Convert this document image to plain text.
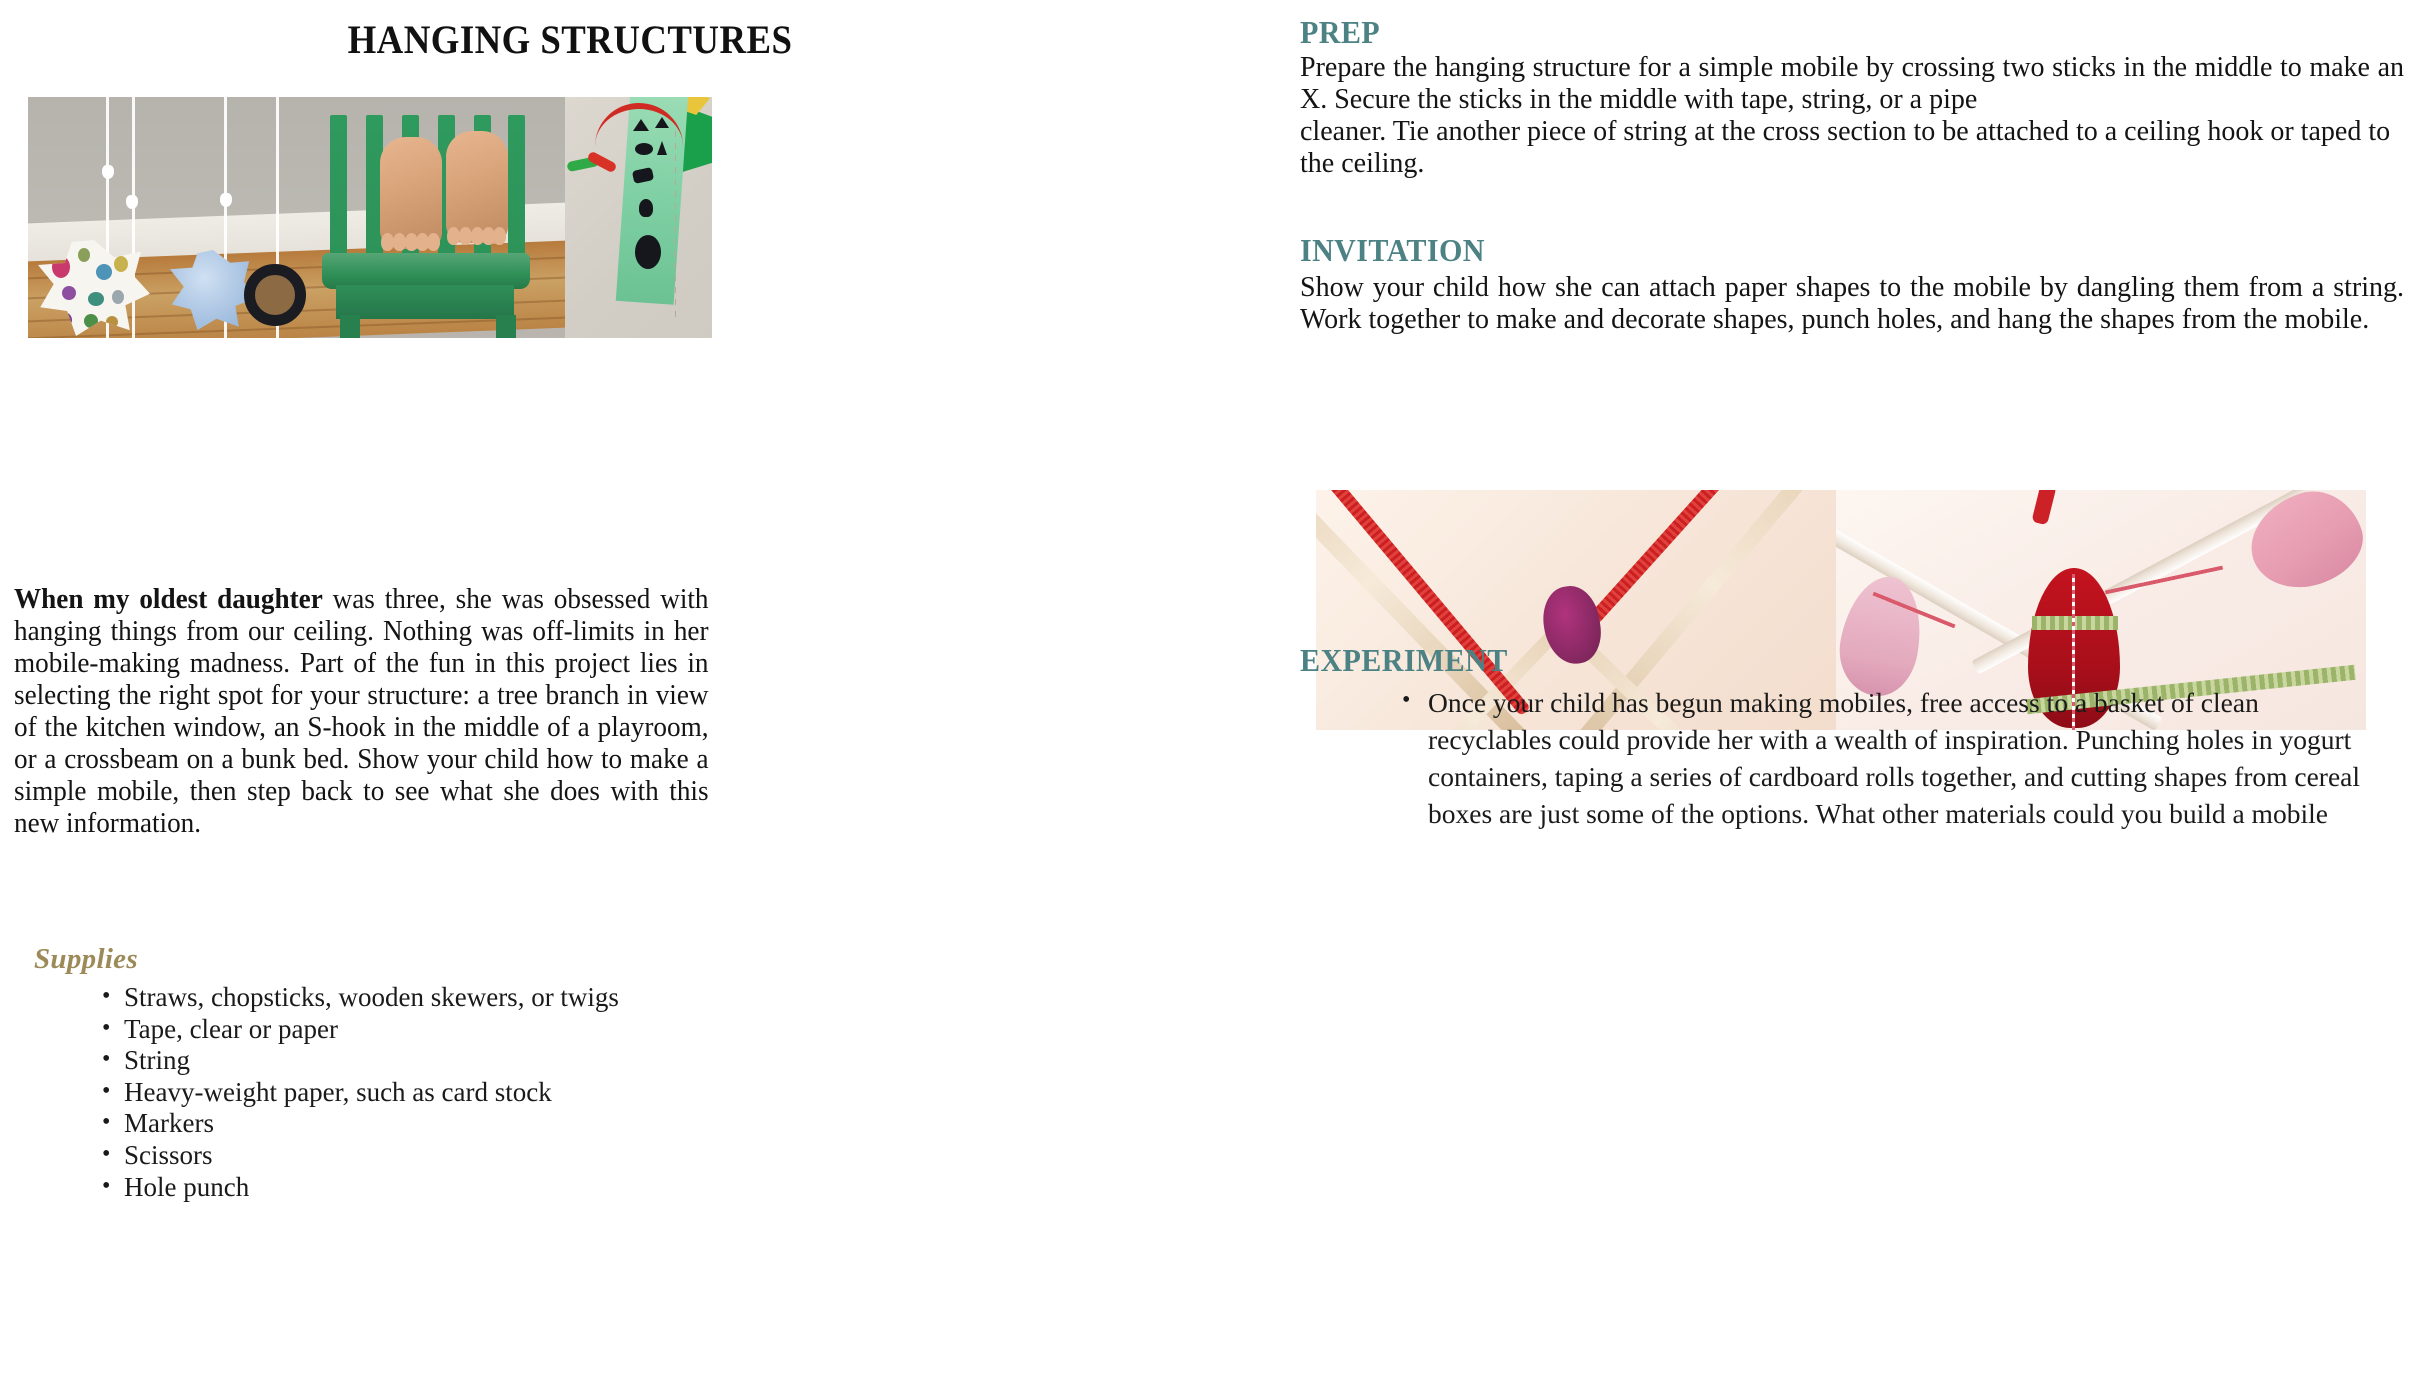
HANGING STRUCTURES

When my oldest daughter was three, she was obsessed with hanging things from our ceiling. Nothing was off-limits in her mobile-making madness. Part of the fun in this project lies in selecting the right spot for your structure: a tree branch in view of the kitchen window, an S-hook in the middle of a playroom, or a crossbeam on a bunk bed. Show your child how to make a simple mobile, then step back to see what she does with this new information.

Supplies
• Straws, chopsticks, wooden skewers, or twigs
• Tape, clear or paper
• String
• Heavy-weight paper, such as card stock
• Markers
• Scissors
• Hole punch
PREP
Prepare the hanging structure for a simple mobile by crossing two sticks in the middle to make an X. Secure the sticks in the middle with tape, string, or a pipe

cleaner. Tie another piece of string at the cross section to be attached to a ceiling hook or taped to the ceiling.
INVITATION
Show your child how she can attach paper shapes to the mobile by dangling them from a string. Work together to make and decorate shapes, punch holes, and hang the shapes from the mobile.
EXPERIMENT
• Once your child has begun making mobiles, free access to a basket of clean recyclables could provide her with a wealth of inspiration. Punching holes in yogurt containers, taping a series of cardboard rolls together, and cutting shapes from cereal boxes are just some of the options. What other materials could you build a mobile
